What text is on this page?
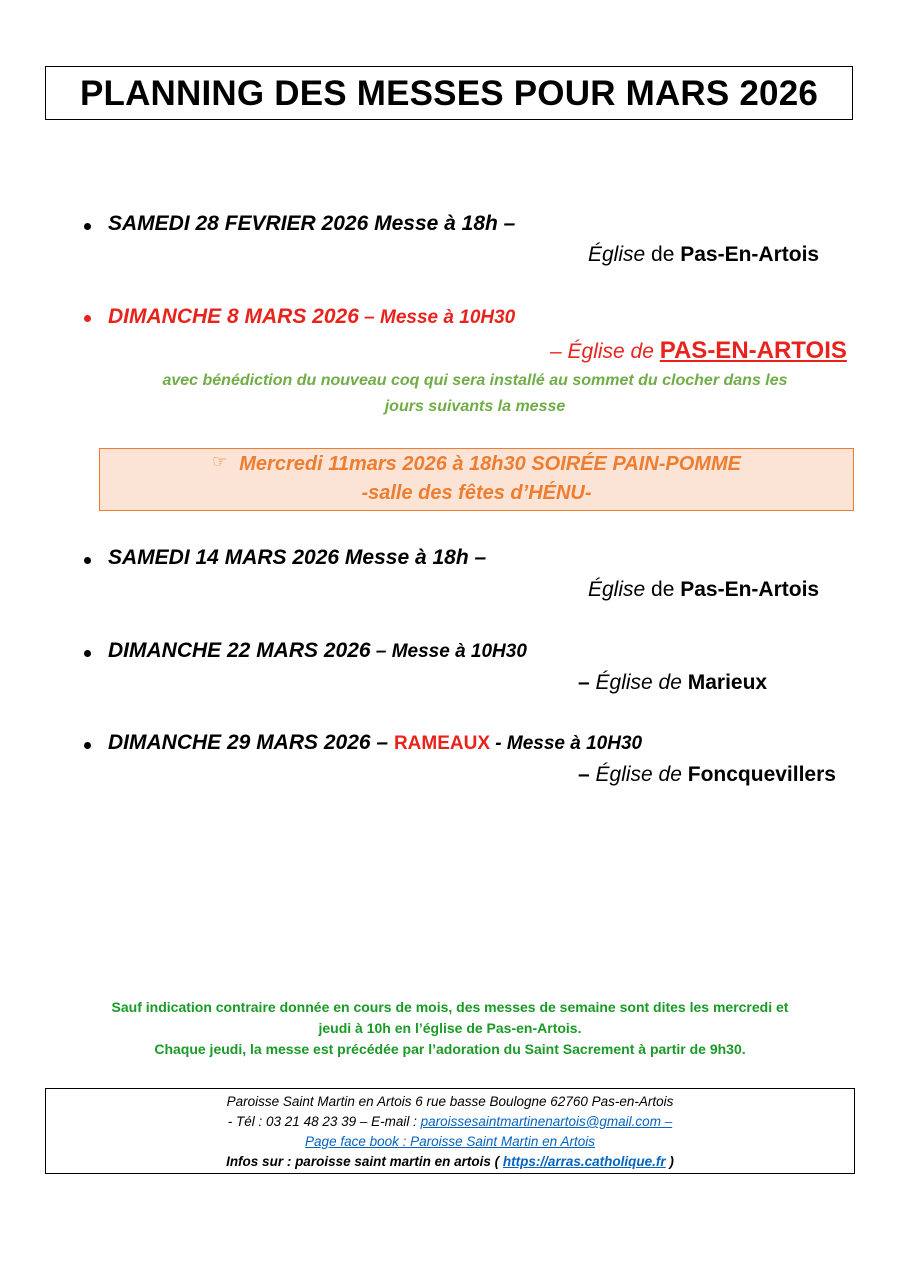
PLANNING DES MESSES POUR MARS 2026
SAMEDI 28 FEVRIER 2026 Messe à 18h –
Église de Pas-En-Artois
DIMANCHE 8 MARS 2026 – Messe à 10H30
– Église de PAS-EN-ARTOIS
avec bénédiction du nouveau coq qui sera installé au sommet du clocher dans les
jours suivants la messe
☞ Mercredi 11mars 2026 à 18h30 SOIRÉE PAIN-POMME
-salle des fêtes d’HÉNU-
SAMEDI 14 MARS 2026 Messe à 18h –
Église de Pas-En-Artois
DIMANCHE 22 MARS 2026 – Messe à 10H30
– Église de Marieux
DIMANCHE 29 MARS 2026 – RAMEAUX - Messe à 10H30
– Église de Foncquevillers
Sauf indication contraire donnée en cours de mois, des messes de semaine sont dites les mercredi et
jeudi à 10h en l’église de Pas-en-Artois.
Chaque jeudi, la messe est précédée par l’adoration du Saint Sacrement à partir de 9h30.
Paroisse Saint Martin en Artois 6 rue basse Boulogne 62760 Pas-en-Artois
- Tél : 03 21 48 23 39 – E-mail : paroissesaintmartinenartois@gmail.com –
Page face book : Paroisse Saint Martin en Artois
Infos sur : paroisse saint martin en artois ( https://arras.catholique.fr )
